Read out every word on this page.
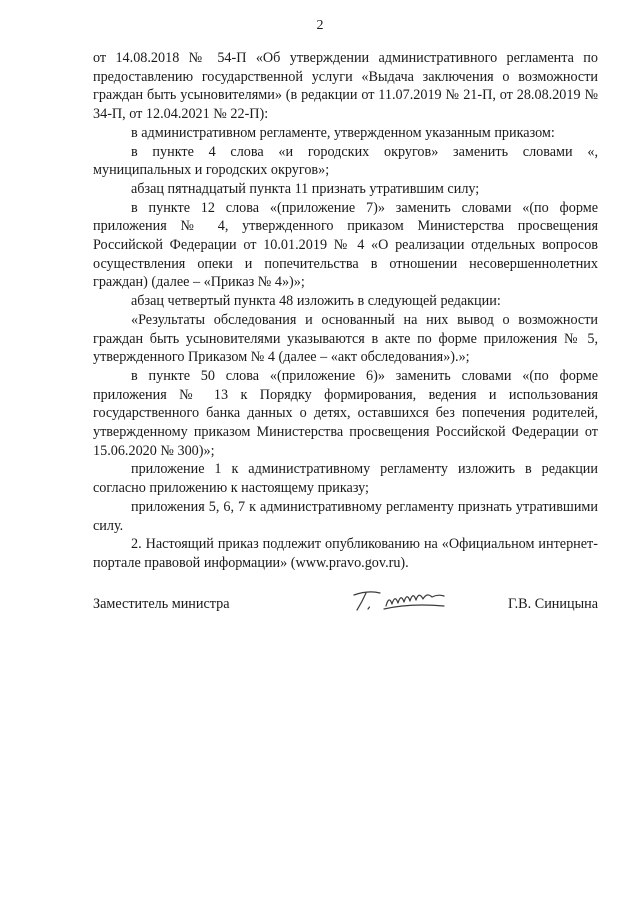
2

от 14.08.2018 № 54-П «Об утверждении административного регламента по предоставлению государственной услуги «Выдача заключения о возможности граждан быть усыновителями» (в редакции от 11.07.2019 № 21-П, от 28.08.2019 № 34-П, от 12.04.2021 № 22-П):

в административном регламенте, утвержденном указанным приказом:

в пункте 4 слова «и городских округов» заменить словами «, муниципальных и городских округов»;

абзац пятнадцатый пункта 11 признать утратившим силу;

в пункте 12 слова «(приложение 7)» заменить словами «(по форме приложения № 4, утвержденного приказом Министерства просвещения Российской Федерации от 10.01.2019 № 4 «О реализации отдельных вопросов осуществления опеки и попечительства в отношении несовершеннолетних граждан) (далее – «Приказ № 4»)»;

абзац четвертый пункта 48 изложить в следующей редакции:

«Результаты обследования и основанный на них вывод о возможности граждан быть усыновителями указываются в акте по форме приложения № 5, утвержденного Приказом № 4 (далее – «акт обследования»).»;

в пункте 50 слова «(приложение 6)» заменить словами «(по форме приложения № 13 к Порядку формирования, ведения и использования государственного банка данных о детях, оставшихся без попечения родителей, утвержденному приказом Министерства просвещения Российской Федерации от 15.06.2020 № 300)»;

приложение 1 к административному регламенту изложить в редакции согласно приложению к настоящему приказу;

приложения 5, 6, 7 к административному регламенту признать утратившими силу.

2. Настоящий приказ подлежит опубликованию на «Официальном интернет-портале правовой информации» (www.pravo.gov.ru).

Заместитель министра	Г.В. Синицына
